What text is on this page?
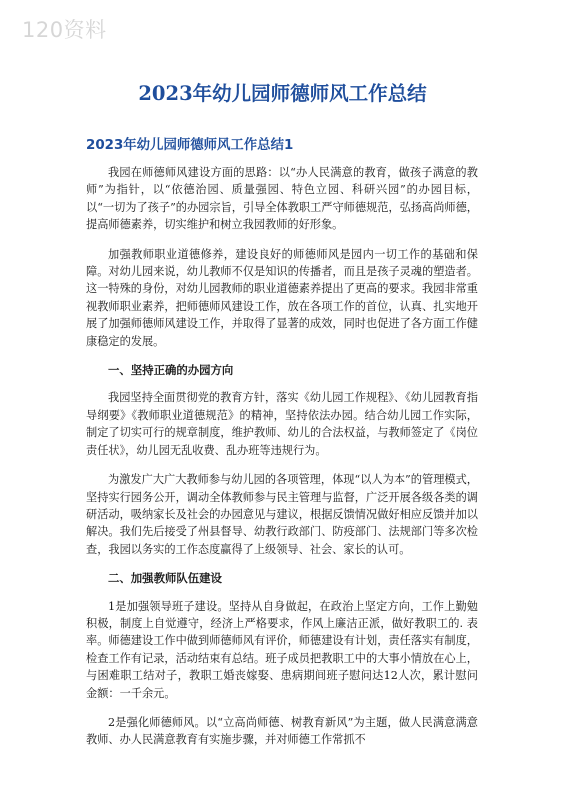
120资料
2023年幼儿园师德师风工作总结
2023年幼儿园师德师风工作总结1

我园在师德师风建设方面的思路：以“办人民满意的教育，做孩子满意的教师”为指针，以“依德治园、质量强园、特色立园、科研兴园”的办园目标，以“一切为了孩子”的办园宗旨，引导全体教职工严守师德规范，弘扬高尚师德，提高师德素养，切实维护和树立我园教师的好形象。

加强教师职业道德修养，建设良好的师德师风是园内一切工作的基础和保障。对幼儿园来说，幼儿教师不仅是知识的传播者，而且是孩子灵魂的塑造者。这一特殊的身份，对幼儿园教师的职业道德素养提出了更高的要求。我园非常重视教师职业素养，把师德师风建设工作，放在各项工作的首位，认真、扎实地开展了加强师德师风建设工作，并取得了显著的成效，同时也促进了各方面工作健康稳定的发展。

一、坚持正确的办园方向

我园坚持全面贯彻党的教育方针，落实《幼儿园工作规程》、《幼儿园教育指导纲要》《教师职业道德规范》的精神，坚持依法办园。结合幼儿园工作实际，制定了切实可行的规章制度，维护教师、幼儿的合法权益，与教师签定了《岗位责任状》，幼儿园无乱收费、乱办班等违规行为。

为激发广大广大教师参与幼儿园的各项管理，体现“以人为本”的管理模式，坚持实行园务公开，调动全体教师参与民主管理与监督，广泛开展各级各类的调研活动，吸纳家长及社会的办园意见与建议，根据反馈情况做好相应反馈并加以解决。我们先后接受了州县督导、幼教行政部门、防疫部门、法规部门等多次检查，我园以务实的工作态度赢得了上级领导、社会、家长的认可。

二、加强教师队伍建设

1是加强领导班子建设。坚持从自身做起，在政治上坚定方向，工作上勤勉积极，制度上自觉遵守，经济上严格要求，作风上廉洁正派，做好教职工的. 表率。师德建设工作中做到师德师风有评价，师德建设有计划，责任落实有制度，检查工作有记录，活动结束有总结。班子成员把教职工中的大事小情放在心上，与困难职工结对子，教职工婚丧嫁娶、患病期间班子慰问达12人次，累计慰问金额：一千余元。

2是强化师德师风。以“立高尚师德、树教育新风”为主题，做人民满意满意教师、办人民满意教育有实施步骤，并对师德工作常抓不
